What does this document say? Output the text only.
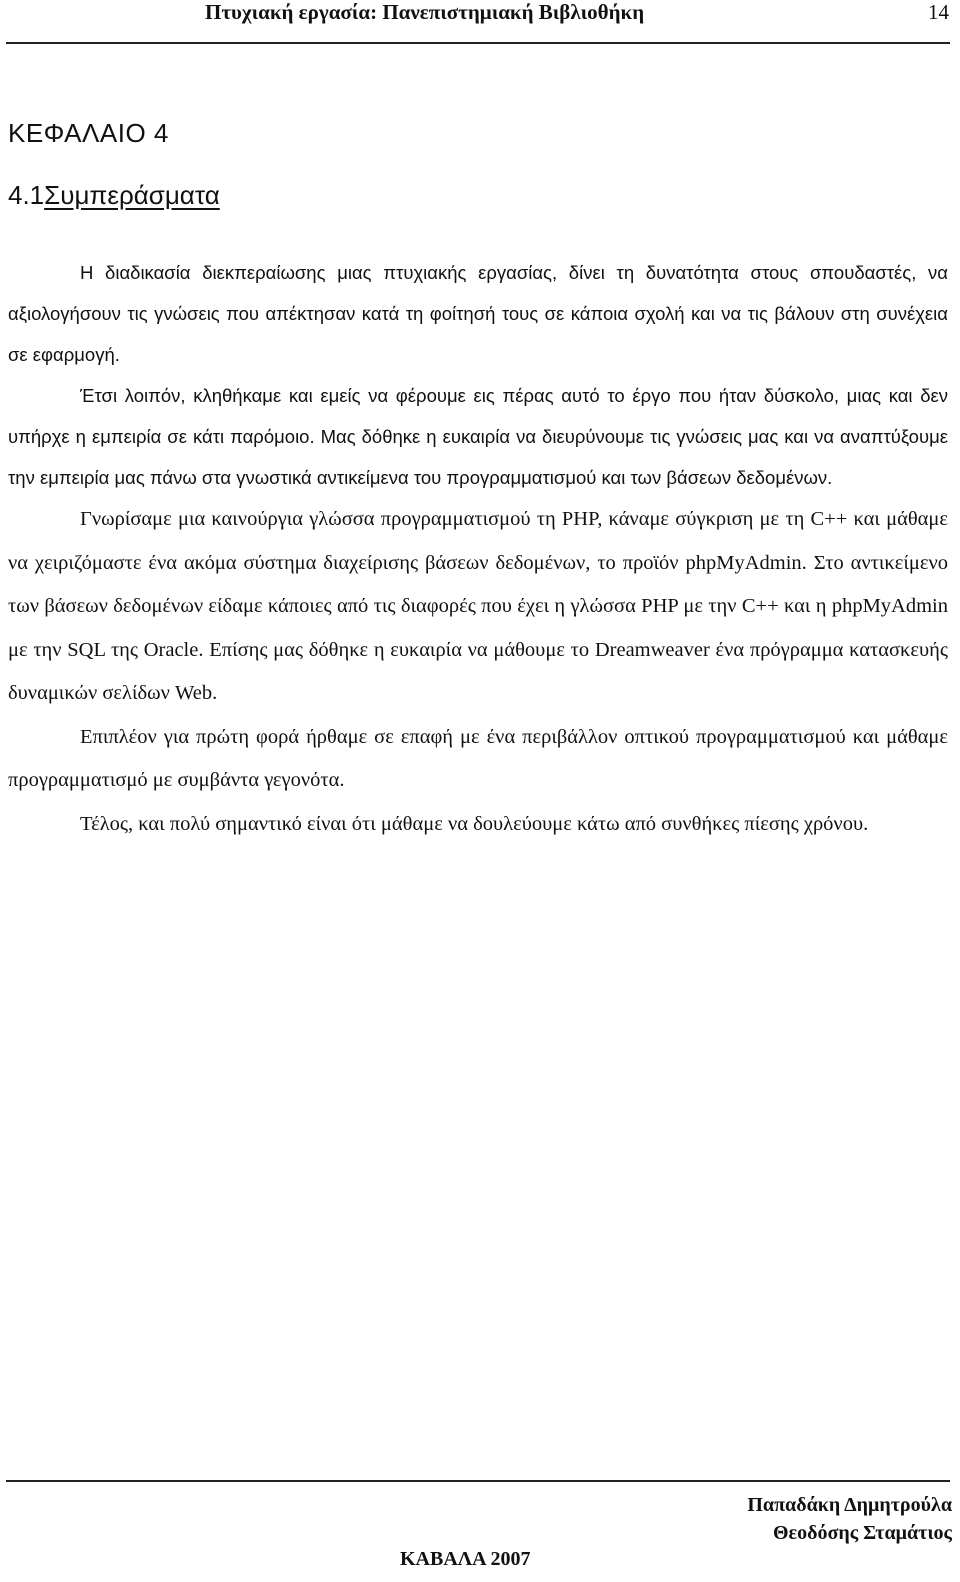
Πτυχιακή εργασία: Πανεπιστημιακή Βιβλιοθήκη	14
ΚΕΦΑΛΑΙΟ 4
4.1Συμπεράσματα

Η διαδικασία διεκπεραίωσης μιας πτυχιακής εργασίας, δίνει τη δυνατότητα στους σπουδαστές, να αξιολογήσουν τις γνώσεις που απέκτησαν κατά τη φοίτησή τους σε κάποια σχολή και να τις βάλουν στη συνέχεια σε εφαρμογή.

Έτσι λοιπόν, κληθήκαμε και εμείς να φέρουμε εις πέρας αυτό το έργο που ήταν δύσκολο, μιας και δεν υπήρχε η εμπειρία σε κάτι παρόμοιο. Μας δόθηκε η ευκαιρία να διευρύνουμε τις γνώσεις μας και να αναπτύξουμε την εμπειρία μας πάνω στα γνωστικά αντικείμενα του προγραμματισμού και των βάσεων δεδομένων.

Γνωρίσαμε μια καινούργια γλώσσα προγραμματισμού τη PHP, κάναμε σύγκριση με τη C++ και μάθαμε να χειριζόμαστε ένα ακόμα σύστημα διαχείρισης βάσεων δεδομένων, το προϊόν phpMyAdmin. Στο αντικείμενο των βάσεων δεδομένων είδαμε κάποιες από τις διαφορές που έχει η γλώσσα PHP με την C++ και η phpMyAdmin με την SQL της Oracle. Επίσης μας δόθηκε η ευκαιρία να μάθουμε το Dreamweaver ένα πρόγραμμα κατασκευής δυναμικών σελίδων Web.

Επιπλέον για πρώτη φορά ήρθαμε σε επαφή με ένα περιβάλλον οπτικού προγραμματισμού και μάθαμε προγραμματισμό με συμβάντα γεγονότα.

Τέλος, και πολύ σημαντικό είναι ότι μάθαμε να δουλεύουμε κάτω από συνθήκες πίεσης χρόνου.

Παπαδάκη Δημητρούλα
Θεοδόσης Σταμάτιος
ΚΑΒΑΛΑ 2007
